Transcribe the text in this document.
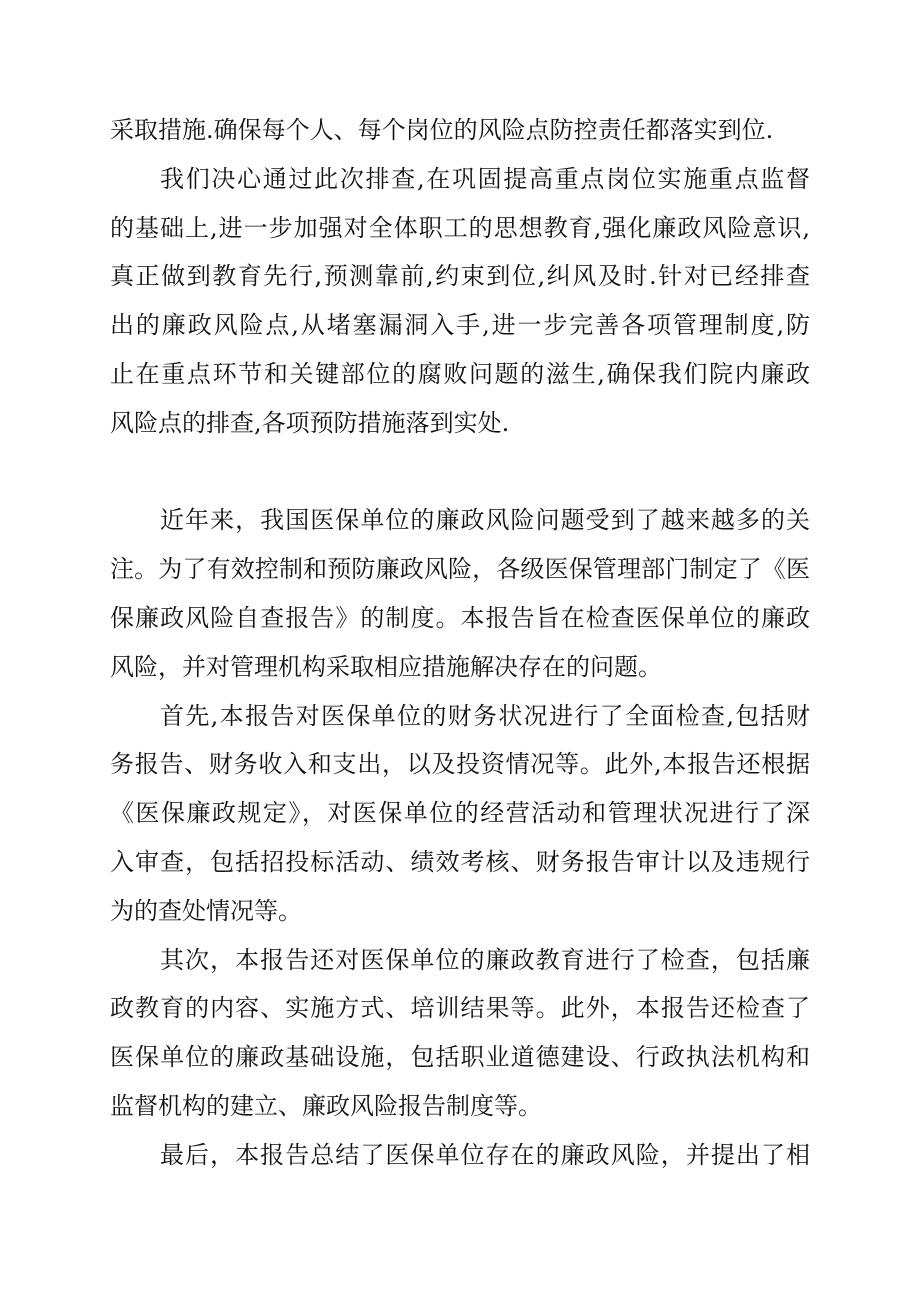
采取措施.确保每个人、每个岗位的风险点防控责任都落实到位.
我们决心通过此次排查,在巩固提高重点岗位实施重点监督
的基础上,进一步加强对全体职工的思想教育,强化廉政风险意识,
真正做到教育先行,预测靠前,约束到位,纠风及时.针对已经排查
出的廉政风险点,从堵塞漏洞入手,进一步完善各项管理制度,防
止在重点环节和关键部位的腐败问题的滋生,确保我们院内廉政
风险点的排查,各项预防措施落到实处.
近年来，我国医保单位的廉政风险问题受到了越来越多的关
注。为了有效控制和预防廉政风险，各级医保管理部门制定了《医
保廉政风险自查报告》的制度。本报告旨在检查医保单位的廉政
风险，并对管理机构采取相应措施解决存在的问题。
首先,本报告对医保单位的财务状况进行了全面检查,包括财
务报告、财务收入和支出，以及投资情况等。此外,本报告还根据
《医保廉政规定》，对医保单位的经营活动和管理状况进行了深
入审查，包括招投标活动、绩效考核、财务报告审计以及违规行
为的查处情况等。
其次，本报告还对医保单位的廉政教育进行了检查，包括廉
政教育的内容、实施方式、培训结果等。此外，本报告还检查了
医保单位的廉政基础设施，包括职业道德建设、行政执法机构和
监督机构的建立、廉政风险报告制度等。
最后，本报告总结了医保单位存在的廉政风险，并提出了相
